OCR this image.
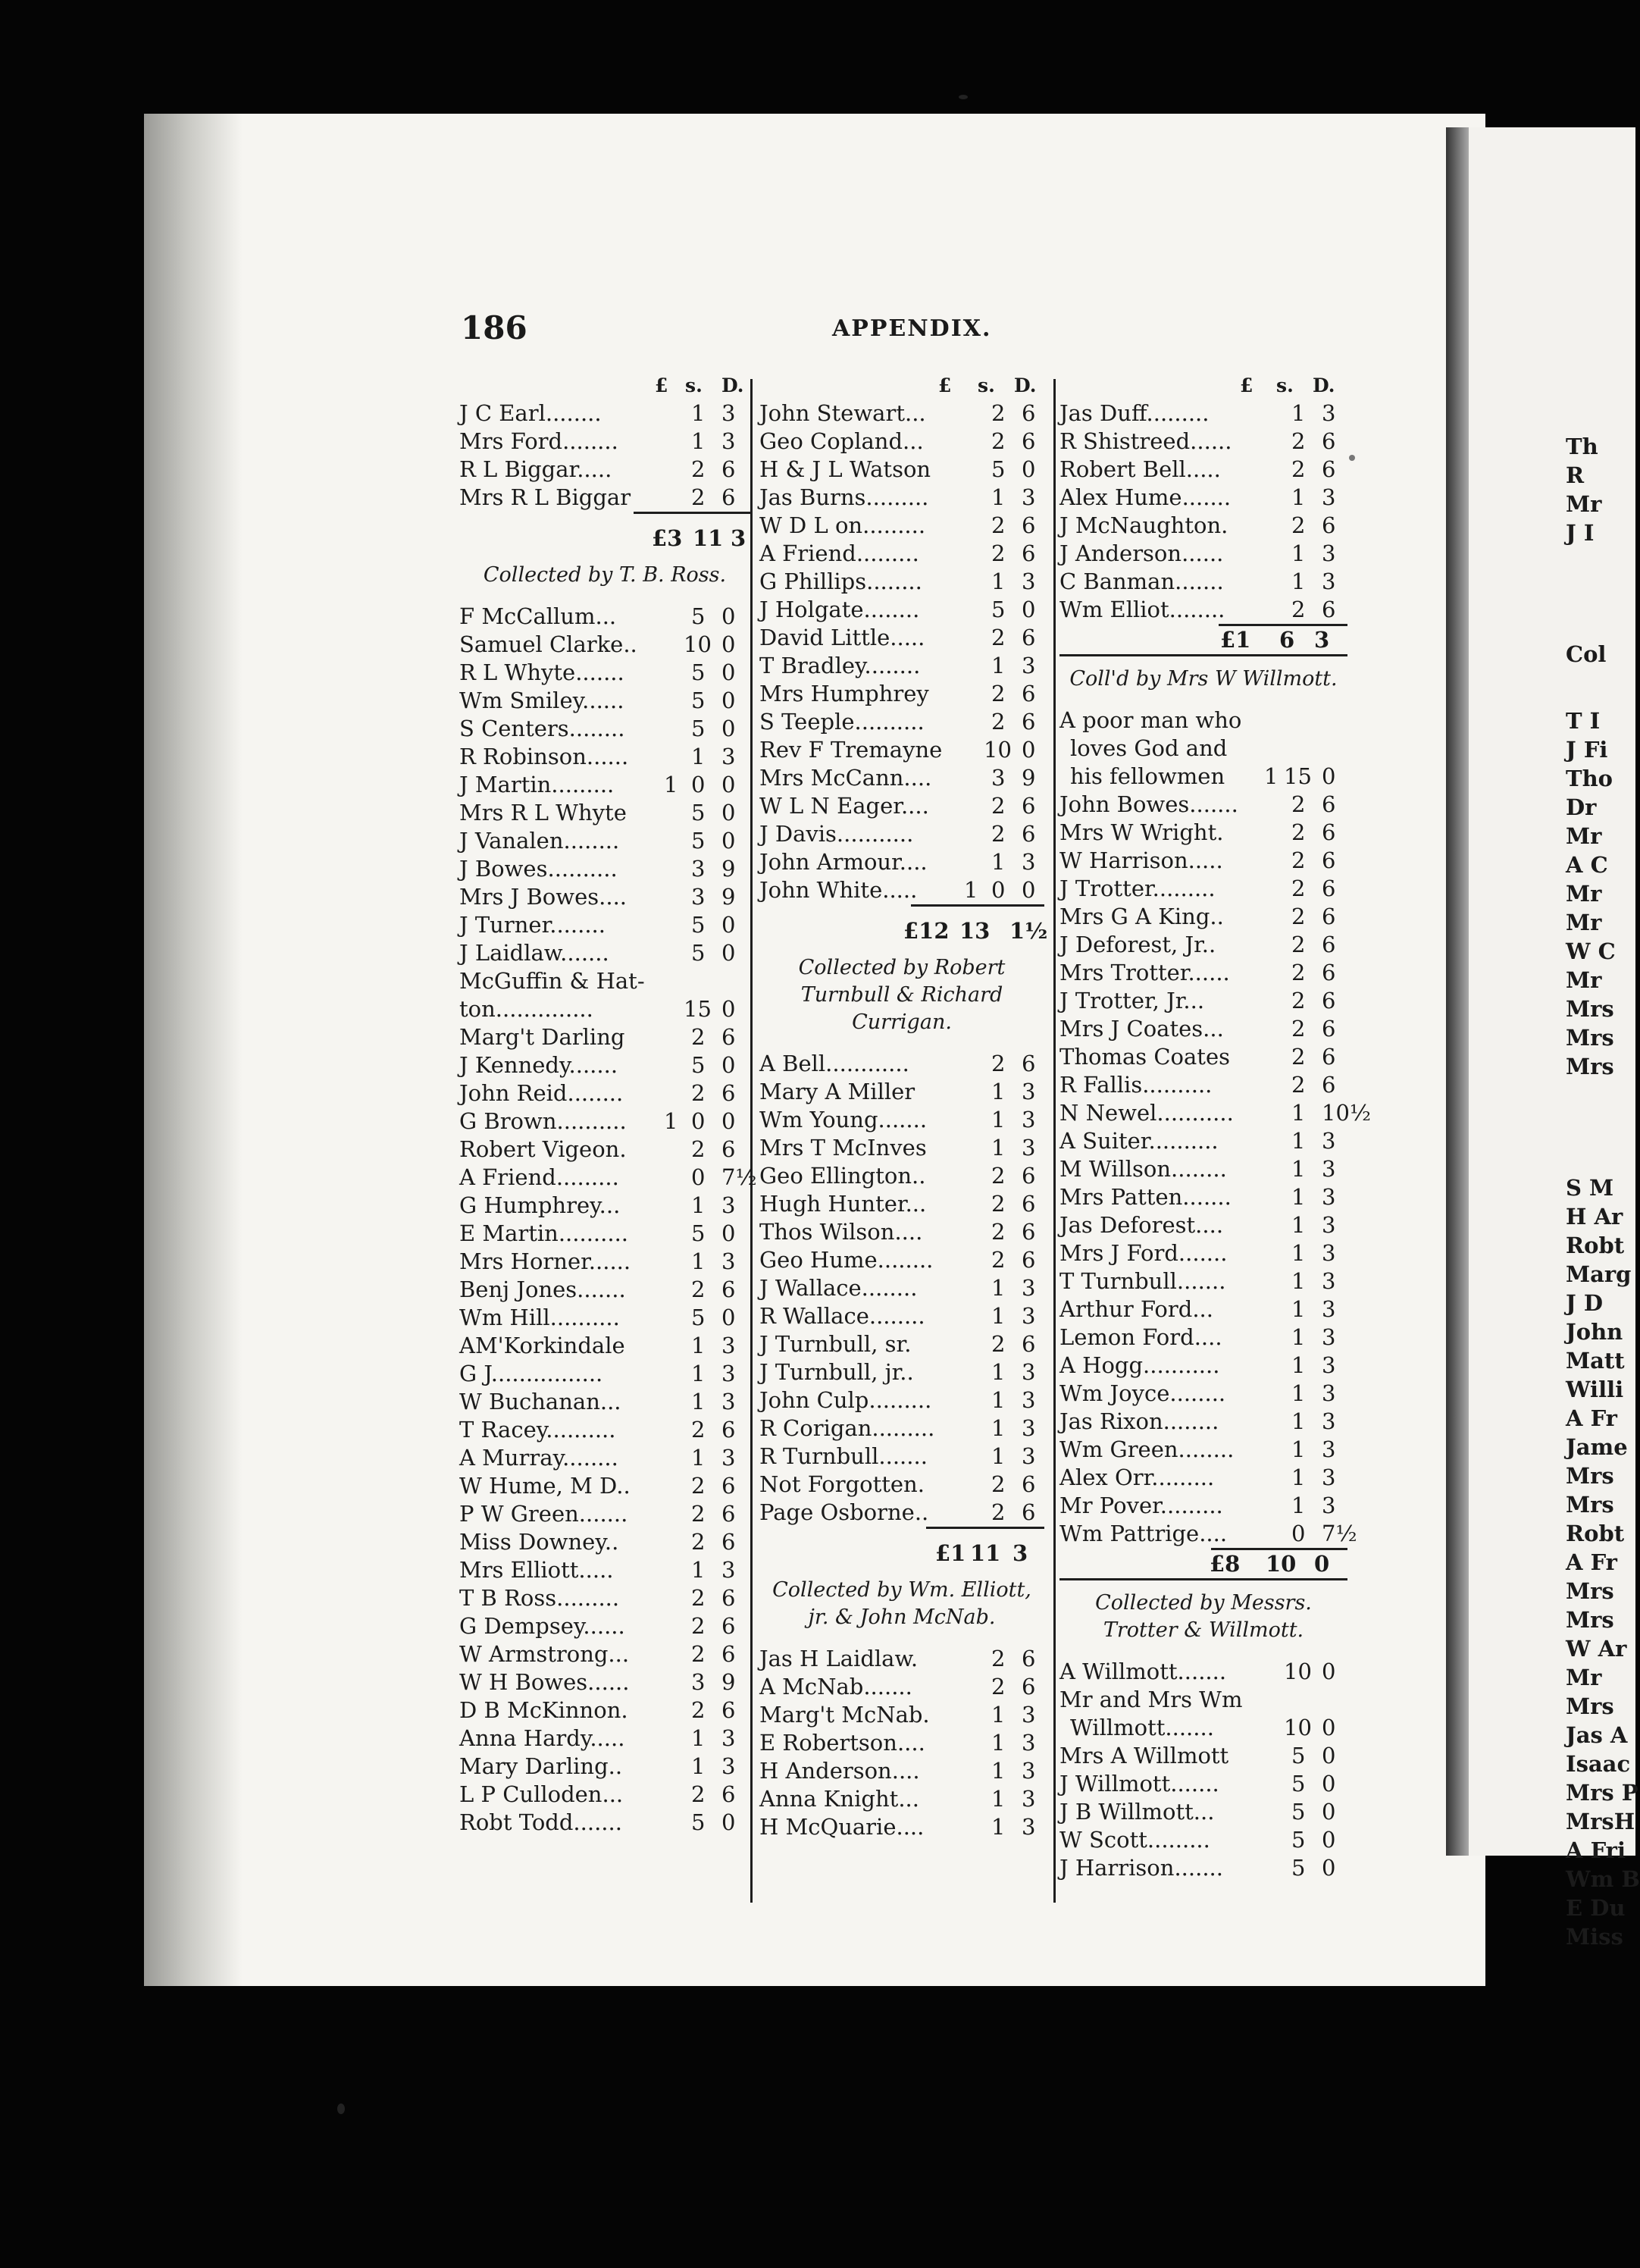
186	APPENDIX.
£ s. D.
J C Earl........	1 3
Mrs Ford........	1 3
R L Biggar.....	2 6
Mrs R L Biggar	2 6
£3 11 3
Collected by T. B. Ross.
F McCallum...	5 0
Samuel Clarke.. 10 0
R L Whyte.......	5 0
Wm Smiley......	5 0
S Centers........	5 0
R Robinson......	1 3
J Martin......... 1 0 0
Mrs R L Whyte	5 0
J Vanalen........	5 0
J Bowes..........	3 9
Mrs J Bowes....	3 9
J Turner........	5 0
J Laidlaw.......	5 0
McGuffin & Hat-
ton..............	15 0
Marg't Darling	2 6
J Kennedy.......	5 0
John Reid........	2 6
G Brown.......... 1 0 0
Robert Vigeon.	2 6
A Friend.........	0 7½
G Humphrey...	1 3
E Martin..........	5 0
Mrs Horner......	1 3
Benj Jones.......	2 6
Wm Hill..........	5 0
AM'Korkindale	1 3
G J................	1 3
W Buchanan...	1 3
T Racey..........	2 6
A Murray........	1 3
W Hume, M D..	2 6
P W Green.......	2 6
Miss Downey..	2 6
Mrs Elliott.....	1 3
T B Ross.........	2 6
G Dempsey......	2 6
W Armstrong...	2 6
W H Bowes......	3 9
D B McKinnon.	2 6
Anna Hardy.....	1 3
Mary Darling..	1 3
L P Culloden...	2 6
Robt Todd.......	5 0
£ s. D.
John Stewart...	2 6
Geo Copland...	2 6
H & J L Watson	5 0
Jas Burns.........	1 3
W D L on.........	2 6
A Friend.........	2 6
G Phillips........	1 3
J Holgate........	5 0
David Little.....	2 6
T Bradley........	1 3
Mrs Humphrey	2 6
S Teeple..........	2 6
Rev F Tremayne 10 0
Mrs McCann....	3 9
W L N Eager....	2 6
J Davis...........	2 6
John Armour....	1 3
John White..... 1 0 0
£12 13 1½
Collected by Robert Turnbull & Richard Currigan.
A Bell............	2 6
Mary A Miller	1 3
Wm Young.......	1 3
Mrs T McInves	1 3
Geo Ellington..	2 6
Hugh Hunter...	2 6
Thos Wilson....	2 6
Geo Hume........	2 6
J Wallace........	1 3
R Wallace........	1 3
J Turnbull, sr.	2 6
J Turnbull, jr..	1 3
John Culp.........	1 3
R Corigan.........	1 3
R Turnbull.......	1 3
Not Forgotten.	2 6
Page Osborne..	2 6
£1 11 3
Collected by Wm. Elliott, jr. & John McNab.
Jas H Laidlaw.	2 6
A McNab.......	2 6
Marg't McNab.	1 3
E Robertson....	1 3
H Anderson....	1 3
Anna Knight...	1 3
H McQuarie....	1 3
£ s. D.
Jas Duff.........	1 3
R Shistreed......	2 6
Robert Bell.....	2 6
Alex Hume.......	1 3
J McNaughton.	2 6
J Anderson......	1 3
C Banman.......	1 3
Wm Elliot........	2 6
£1 6 3
Coll'd by Mrs W Willmott.
A poor man who
loves God and
his fellowmen 1 15 0
John Bowes....... 2 6
Mrs W Wright.	2 6
W Harrison.....	2 6
J Trotter.........	2 6
Mrs G A King..	2 6
J Deforest, Jr..	2 6
Mrs Trotter......	2 6
J Trotter, Jr...	2 6
Mrs J Coates...	2 6
Thomas Coates	2 6
R Fallis..........	2 6
N Newel...........	1 10½
A Suiter..........	1 3
M Willson........	1 3
Mrs Patten.......	1 3
Jas Deforest....	1 3
Mrs J Ford.......	1 3
T Turnbull.......	1 3
Arthur Ford...	1 3
Lemon Ford....	1 3
A Hogg...........	1 3
Wm Joyce........	1 3
Jas Rixon........	1 3
Wm Green........	1 3
Alex Orr.........	1 3
Mr Pover.........	1 3
Wm Pattrige....	0 7½
£8 10 0
Collected by Messrs. Trotter & Willmott.
A Willmott.......	10 0
Mr and Mrs Wm
Willmott.......	10 0
Mrs A Willmott	5 0
J Willmott.......	5 0
J B Willmott...	5 0
W Scott.........	5 0
J Harrison.......	5 0
Th
R
Mr
J I
Col
T I
J Fi
Tho
Dr
Mr
A C
Mr
Mr
W C
Mr
Mrs
Mrs
Mrs
S M
H Ar
Robt
Marg
J D
John
Matt
Willi
A Fr
Jame
Mrs
Mrs
Robt
A Fr
Mrs
Mrs
W Ar
Mr
Mrs
Jas A
Isaac
Mrs P
MrsH
A Fri
Wm B
E Du
Miss
